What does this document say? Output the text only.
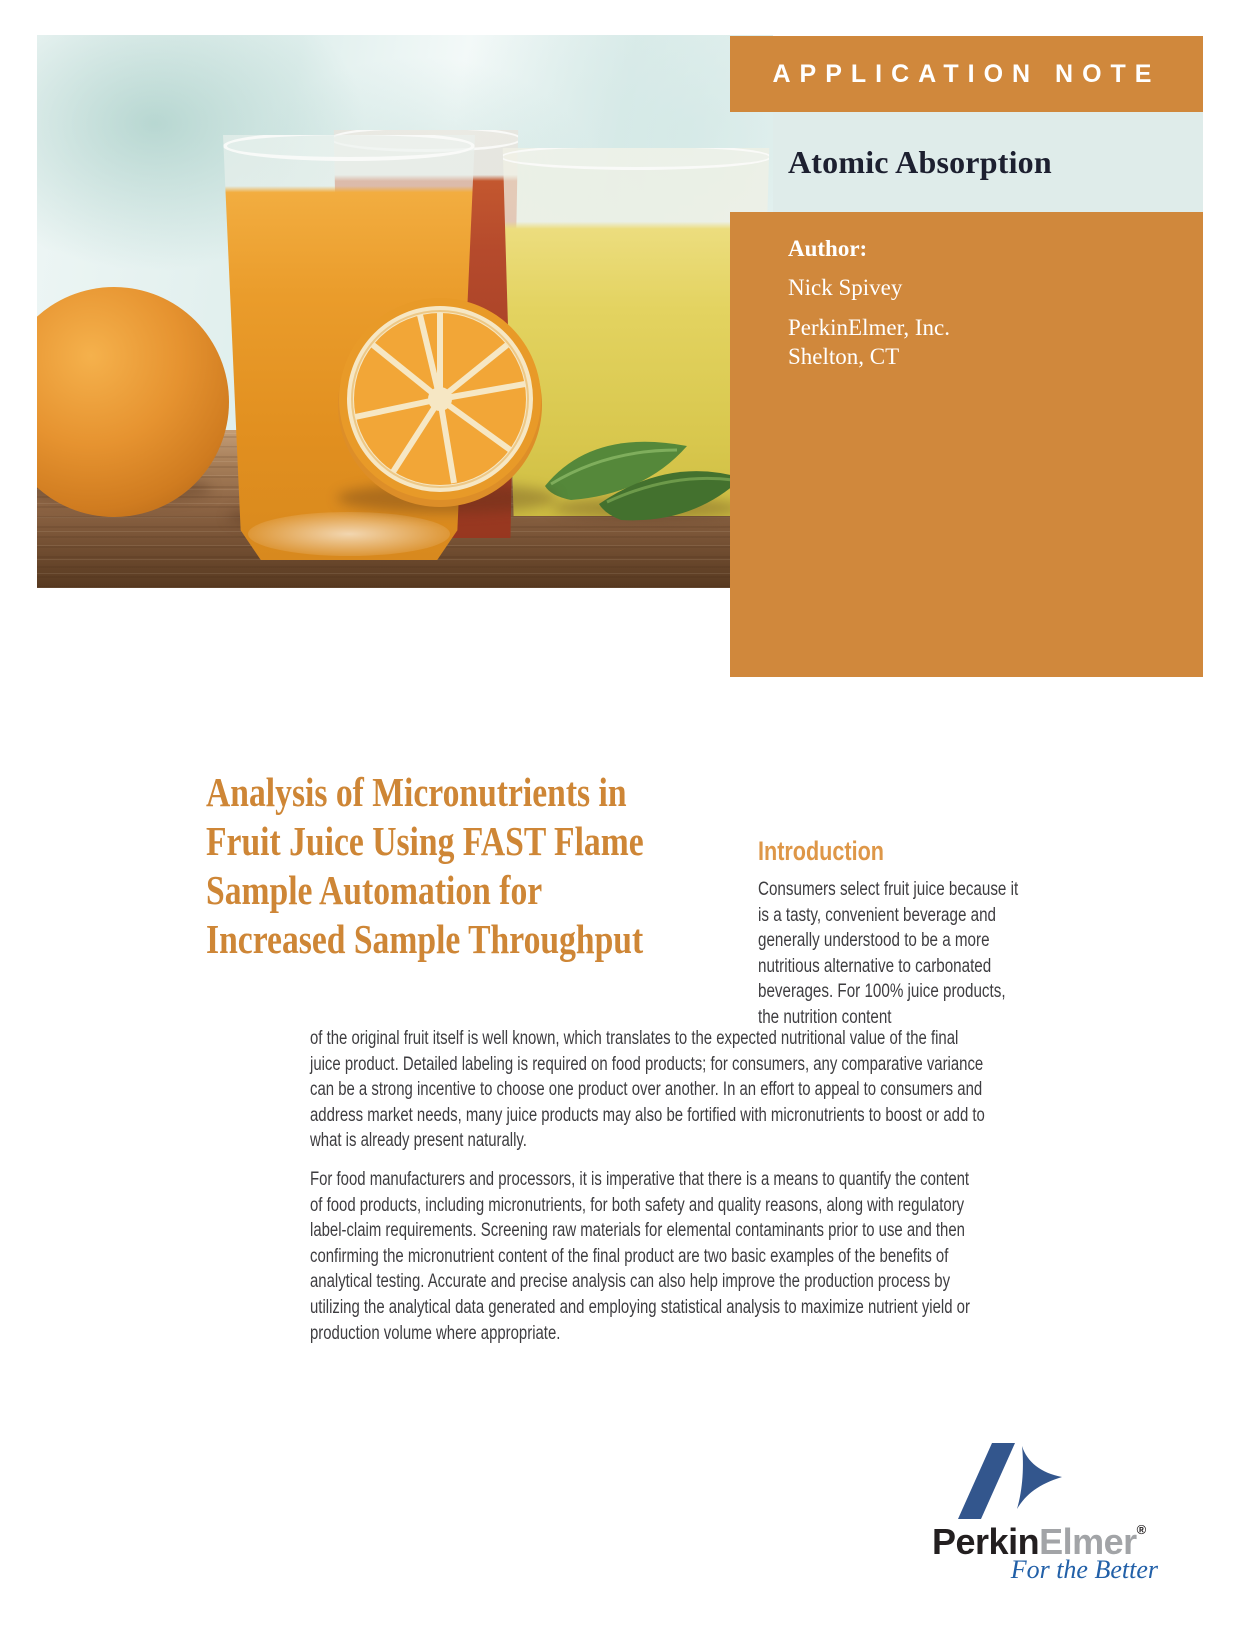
Atomic Absorption
APPLICATION NOTE
Author:
Nick Spivey
PerkinElmer, Inc.
Shelton, CT
Analysis of Micronutrients in
Fruit Juice Using FAST Flame
Sample Automation for
Increased Sample Throughput
Introduction
Consumers select fruit juice because it is a tasty, convenient beverage and generally understood to be a more nutritious alternative to carbonated beverages. For 100% juice products, the nutrition content

of the original fruit itself is well known, which translates to the expected nutritional value of the final juice product. Detailed labeling is required on food products; for consumers, any comparative variance can be a strong incentive to choose one product over another. In an effort to appeal to consumers and address market needs, many juice products may also be fortified with micronutrients to boost or add to what is already present naturally.

For food manufacturers and processors, it is imperative that there is a means to quantify the content of food products, including micronutrients, for both safety and quality reasons, along with regulatory label-claim requirements. Screening raw materials for elemental contaminants prior to use and then confirming the micronutrient content of the final product are two basic examples of the benefits of analytical testing. Accurate and precise analysis can also help improve the production process by utilizing the analytical data generated and employing statistical analysis to maximize nutrient yield or production volume where appropriate.

PerkinElmer®
For the Better
